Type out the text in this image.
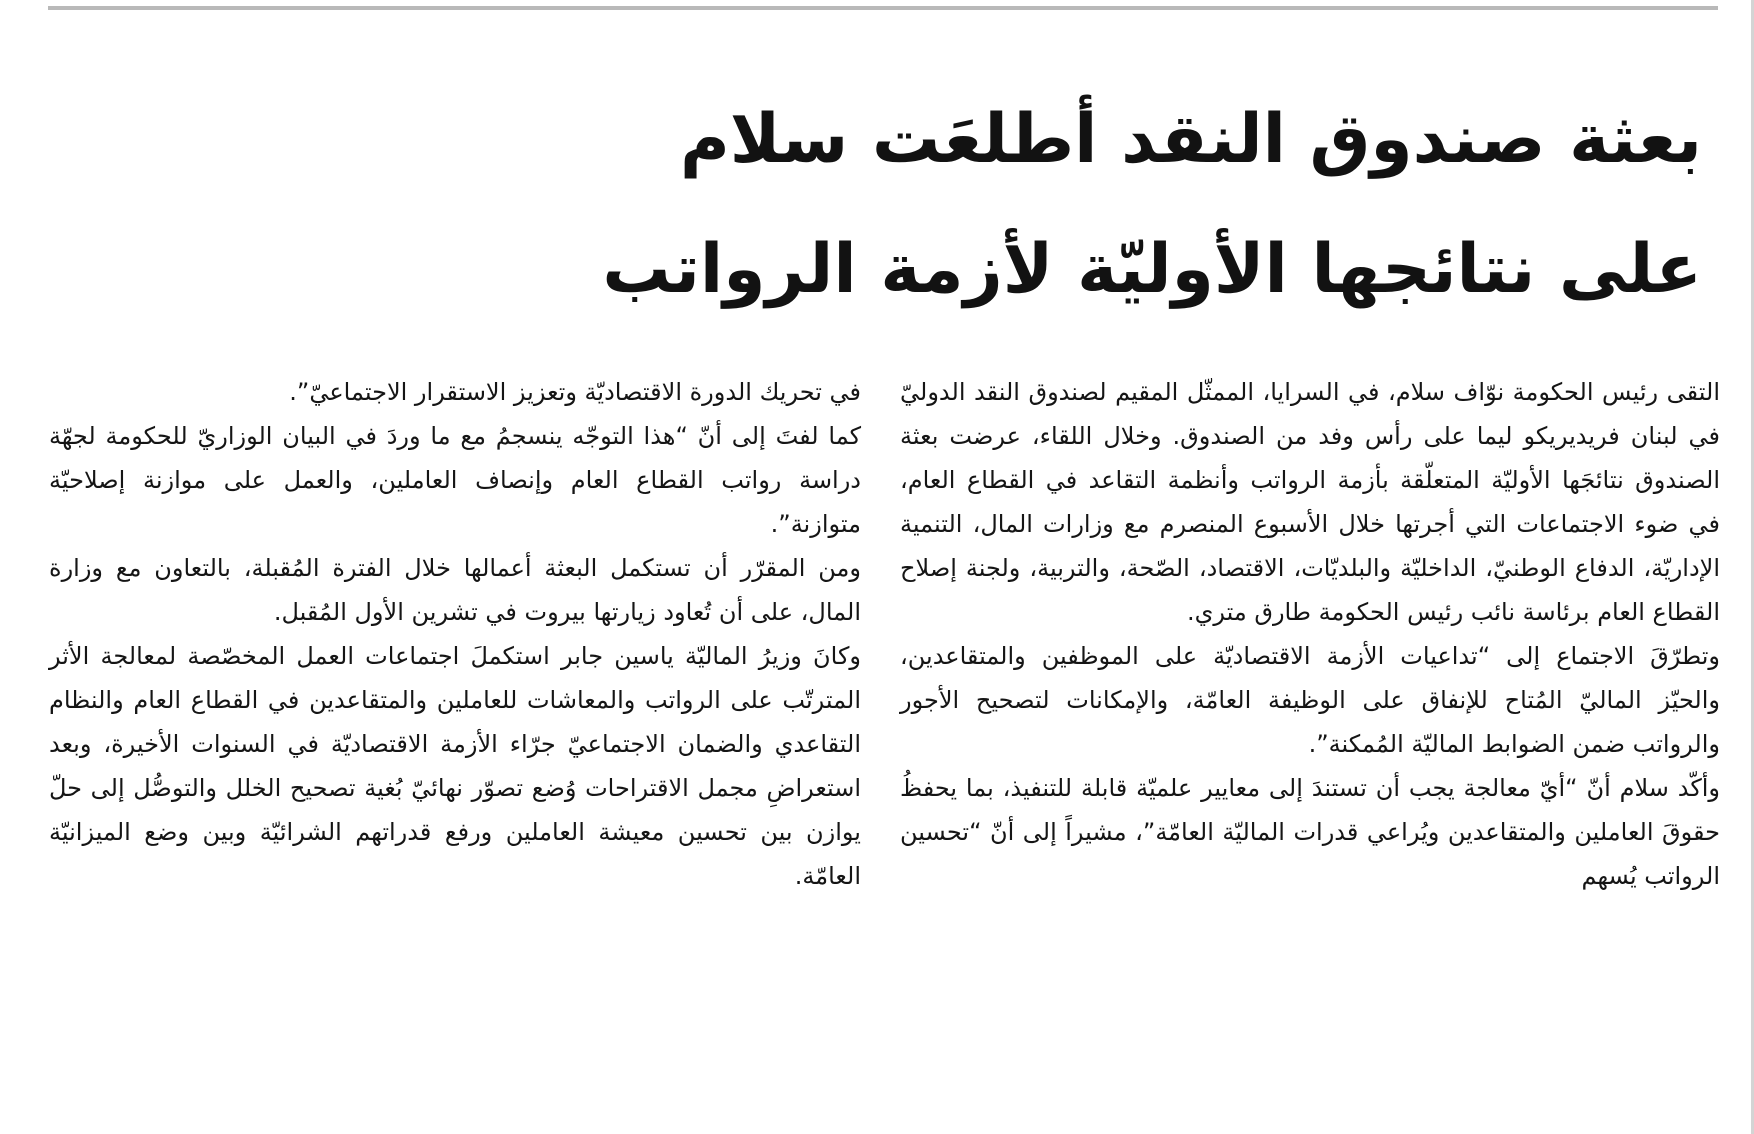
بعثة صندوق النقد أطلعَت سلام
على نتائجها الأوليّة لأزمة الرواتب

التقى رئيس الحكومة نوّاف سلام، في السرايا، الممثّل المقيم لصندوق النقد الدوليّ في لبنان فريديريكو ليما على رأس وفد من الصندوق. وخلال اللقاء، عرضت بعثة الصندوق نتائجَها الأوليّة المتعلّقة بأزمة الرواتب وأنظمة التقاعد في القطاع العام، في ضوء الاجتماعات التي أجرتها خلال الأسبوع المنصرم مع وزارات المال، التنمية الإداريّة، الدفاع الوطنيّ، الداخليّة والبلديّات، الاقتصاد، الصّحة، والتربية، ولجنة إصلاح القطاع العام برئاسة نائب رئيس الحكومة طارق متري.

وتطرّقَ الاجتماع إلى “تداعيات الأزمة الاقتصاديّة على الموظفين والمتقاعدين، والحيّز الماليّ المُتاح للإنفاق على الوظيفة العامّة، والإمكانات لتصحيح الأجور والرواتب ضمن الضوابط الماليّة المُمكنة”.

وأكّد سلام أنّ “أيّ معالجة يجب أن تستندَ إلى معايير علميّة قابلة للتنفيذ، بما يحفظُ حقوقَ العاملين والمتقاعدين ويُراعي قدرات الماليّة العامّة”، مشيراً إلى أنّ “تحسين الرواتب يُسهم

في تحريك الدورة الاقتصاديّة وتعزيز الاستقرار الاجتماعيّ”.

كما لفتَ إلى أنّ “هذا التوجّه ينسجمُ مع ما وردَ في البيان الوزاريّ للحكومة لجهّة دراسة رواتب القطاع العام وإنصاف العاملين، والعمل على موازنة إصلاحيّة متوازنة”.

ومن المقرّر أن تستكمل البعثة أعمالها خلال الفترة المُقبلة، بالتعاون مع وزارة المال، على أن تُعاود زيارتها بيروت في تشرين الأول المُقبل.

وكانَ وزيرُ الماليّة ياسين جابر استكملَ اجتماعات العمل المخصّصة لمعالجة الأثر المترتّب على الرواتب والمعاشات للعاملين والمتقاعدين في القطاع العام والنظام التقاعدي والضمان الاجتماعيّ جرّاء الأزمة الاقتصاديّة في السنوات الأخيرة، وبعد استعراضِ مجمل الاقتراحات وُضع تصوّر نهائيّ بُغية تصحيح الخلل والتوصُّل إلى حلّ يوازن بين تحسين معيشة العاملين ورفع قدراتهم الشرائيّة وبين وضع الميزانيّة العامّة.
